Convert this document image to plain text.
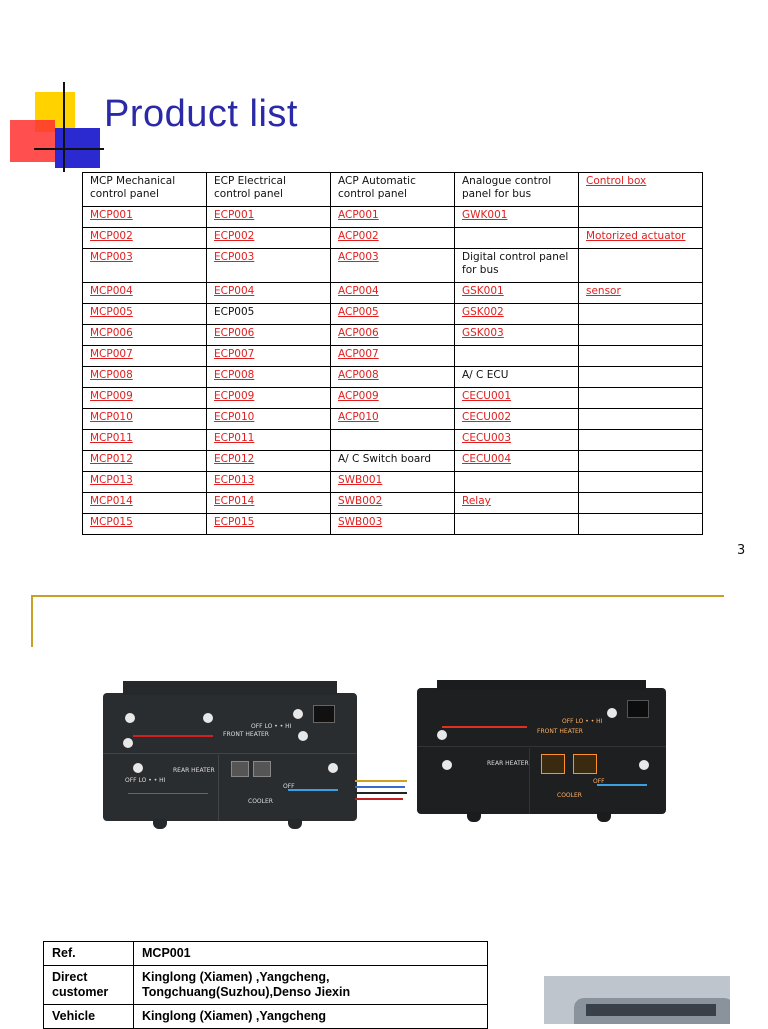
Product list
MCP Mechanical control panel	ECP Electrical control panel	ACP Automatic control panel	Analogue control panel for bus	Control box
MCP001	ECP001	ACP001	GWK001	
MCP002	ECP002	ACP002		Motorized actuator
MCP003	ECP003	ACP003	Digital control panel for bus	
MCP004	ECP004	ACP004	GSK001	sensor
MCP005	ECP005	ACP005	GSK002	
MCP006	ECP006	ACP006	GSK003	
MCP007	ECP007	ACP007		
MCP008	ECP008	ACP008	A/ C ECU	
MCP009	ECP009	ACP009	CECU001	
MCP010	ECP010	ACP010	CECU002	
MCP011	ECP011		CECU003	
MCP012	ECP012	A/ C Switch board	CECU004	
MCP013	ECP013	SWB001		
MCP014	ECP014	SWB002	Relay	
MCP015	ECP015	SWB003		
3
FRONT HEATER
OFF LO • • HI
REAR HEATER
OFF LO • • HI
COOLER
OFF
FRONT HEATER
OFF LO • • HI
REAR HEATER
COOLER
OFF
Ref.	MCP001
Direct customer	Kinglong (Xiamen) ,Yangcheng, Tongchuang(Suzhou),Denso Jiexin
Vehicle	Kinglong (Xiamen) ,Yangcheng
